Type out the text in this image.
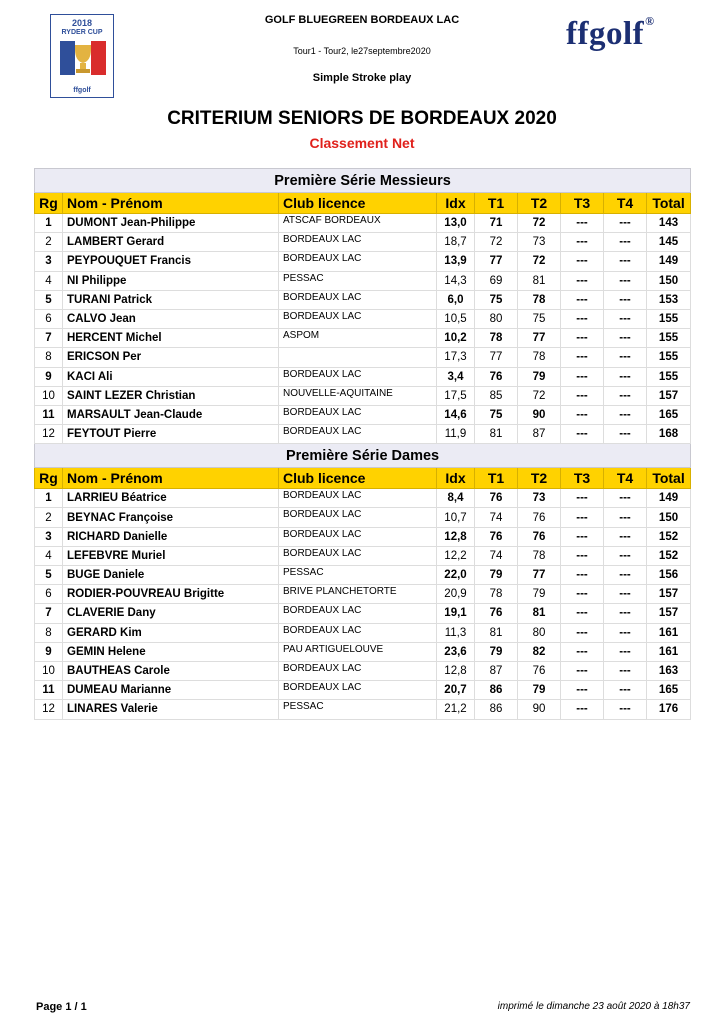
2018
RYDER CUP
ffgolf
GOLF BLUEGREEN BORDEAUX LAC
Tour1 - Tour2, le27septembre2020
Simple Stroke play
CRITERIUM SENIORS DE BORDEAUX 2020
Classement Net
ffgolf®
Première Série Messieurs								
Rg	Nom - Prénom	Club licence	Idx	T1	T2	T3	T4	Total
1	DUMONT Jean-Philippe	ATSCAF BORDEAUX	13,0	71	72	---	---	143
2	LAMBERT Gerard	BORDEAUX LAC	18,7	72	73	---	---	145
3	PEYPOUQUET Francis	BORDEAUX LAC	13,9	77	72	---	---	149
4	NI Philippe	PESSAC	14,3	69	81	---	---	150
5	TURANI Patrick	BORDEAUX LAC	6,0	75	78	---	---	153
6	CALVO Jean	BORDEAUX LAC	10,5	80	75	---	---	155
7	HERCENT Michel	ASPOM	10,2	78	77	---	---	155
8	ERICSON Per		17,3	77	78	---	---	155
9	KACI Ali	BORDEAUX LAC	3,4	76	79	---	---	155
10	SAINT LEZER Christian	NOUVELLE-AQUITAINE	17,5	85	72	---	---	157
11	MARSAULT Jean-Claude	BORDEAUX LAC	14,6	75	90	---	---	165
12	FEYTOUT Pierre	BORDEAUX LAC	11,9	81	87	---	---	168
Première Série Dames								
Rg	Nom - Prénom	Club licence	Idx	T1	T2	T3	T4	Total
1	LARRIEU Béatrice	BORDEAUX LAC	8,4	76	73	---	---	149
2	BEYNAC Françoise	BORDEAUX LAC	10,7	74	76	---	---	150
3	RICHARD Danielle	BORDEAUX LAC	12,8	76	76	---	---	152
4	LEFEBVRE Muriel	BORDEAUX LAC	12,2	74	78	---	---	152
5	BUGE Daniele	PESSAC	22,0	79	77	---	---	156
6	RODIER-POUVREAU Brigitte	BRIVE PLANCHETORTE	20,9	78	79	---	---	157
7	CLAVERIE Dany	BORDEAUX LAC	19,1	76	81	---	---	157
8	GERARD Kim	BORDEAUX LAC	11,3	81	80	---	---	161
9	GEMIN Helene	PAU ARTIGUELOUVE	23,6	79	82	---	---	161
10	BAUTHEAS Carole	BORDEAUX LAC	12,8	87	76	---	---	163
11	DUMEAU Marianne	BORDEAUX LAC	20,7	86	79	---	---	165
12	LINARES Valerie	PESSAC	21,2	86	90	---	---	176
Page 1 / 1	imprimé le dimanche 23 août 2020 à 18h37
